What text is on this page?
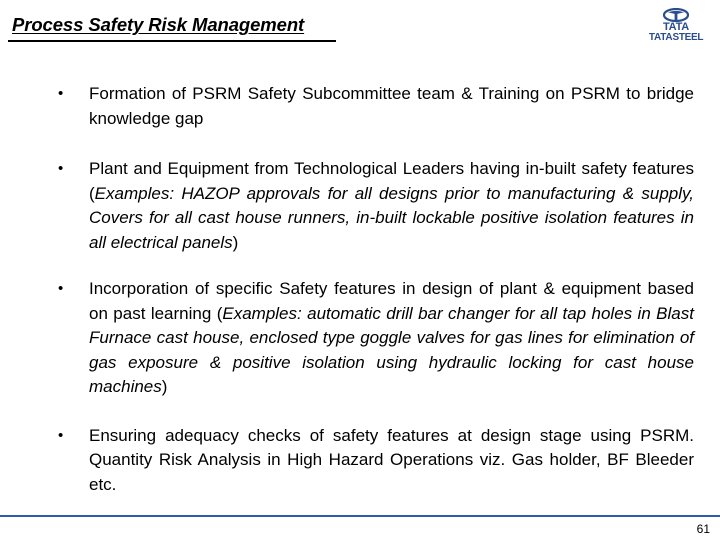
Process Safety Risk Management	TATA
TATASTEEL
• Formation of PSRM Safety Subcommittee team & Training on PSRM to bridge knowledge gap
• Plant and Equipment from Technological Leaders having in-built safety features (Examples: HAZOP approvals for all designs prior to manufacturing & supply, Covers for all cast house runners, in-built lockable positive isolation features in all electrical panels)
• Incorporation of specific Safety features in design of plant & equipment based on past learning (Examples: automatic drill bar changer for all tap holes in Blast Furnace cast house, enclosed type goggle valves for gas lines for elimination of gas exposure & positive isolation using hydraulic locking for cast house machines)
• Ensuring adequacy checks of safety features at design stage using PSRM. Quantity Risk Analysis in High Hazard Operations viz. Gas holder, BF Bleeder etc.
61
